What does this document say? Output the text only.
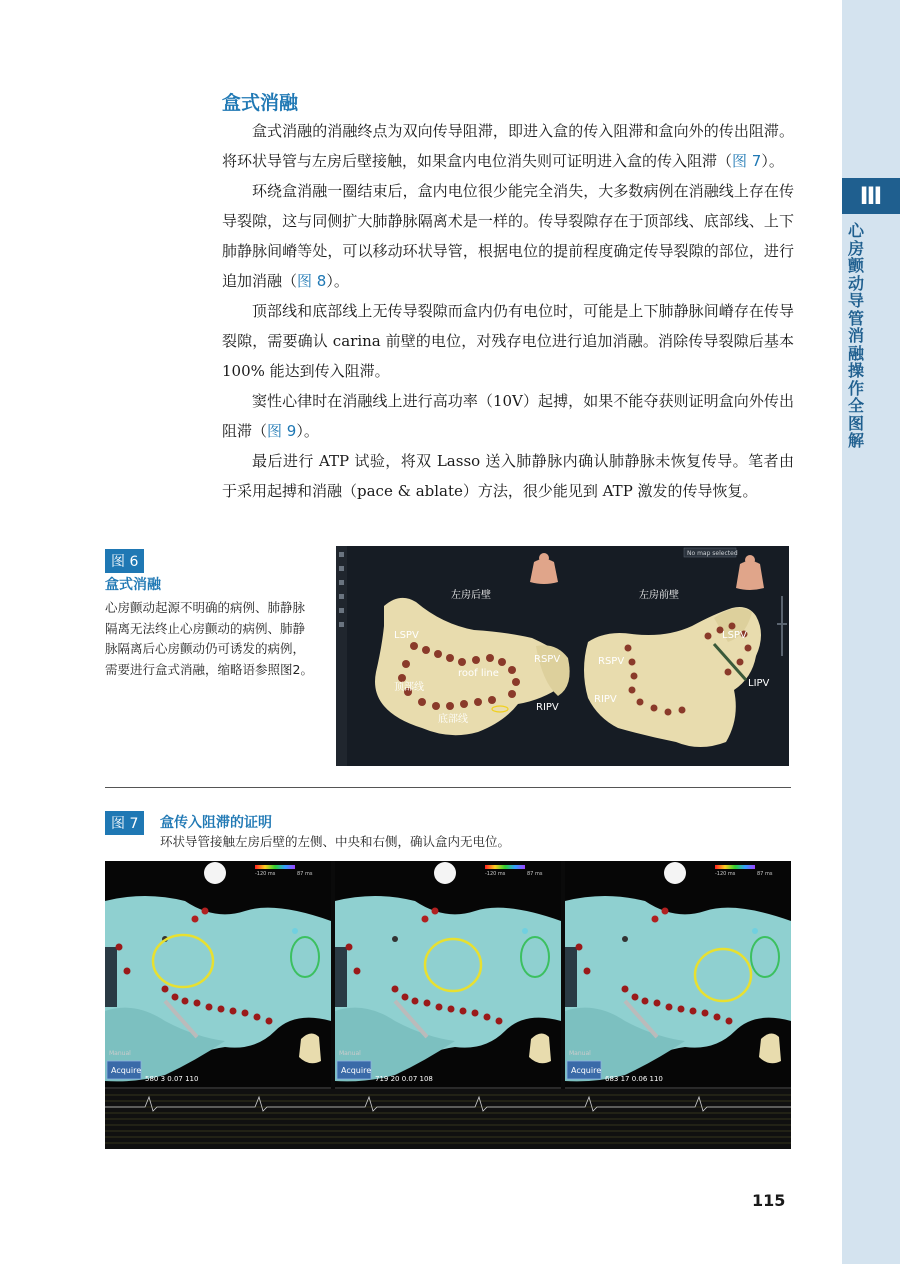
Ⅲ
心房颤动导管消融操作全图解
盒式消融

盒式消融的消融终点为双向传导阻滞，即进入盒的传入阻滞和盒向外的传出阻滞。将环状导管与左房后壁接触，如果盒内电位消失则可证明进入盒的传入阻滞（图 7）。

环绕盒消融一圈结束后，盒内电位很少能完全消失，大多数病例在消融线上存在传导裂隙，这与同侧扩大肺静脉隔离术是一样的。传导裂隙存在于顶部线、底部线、上下肺静脉间嵴等处，可以移动环状导管，根据电位的提前程度确定传导裂隙的部位，进行追加消融（图 8）。

顶部线和底部线上无传导裂隙而盒内仍有电位时，可能是上下肺静脉间嵴存在传导裂隙，需要确认 carina 前壁的电位，对残存电位进行追加消融。消除传导裂隙后基本 100% 能达到传入阻滞。

窦性心律时在消融线上进行高功率（10V）起搏，如果不能夺获则证明盒向外传出阻滞（图 9）。

最后进行 ATP 试验，将双 Lasso 送入肺静脉内确认肺静脉未恢复传导。笔者由于采用起搏和消融（pace & ablate）方法，很少能见到 ATP 激发的传导恢复。

图 6
盒式消融
心房颤动起源不明确的病例、肺静脉隔离无法终止心房颤动的病例、肺静脉隔离后心房颤动仍可诱发的病例，需要进行盒式消融，缩略语参照图2。
No map selected
左房后壁	左房前壁
LSPV
RSPV
RIPV
roof line
顶部线
底部线
LSPV
RSPV
RIPV
LIPV
图 7	盒传入阻滞的证明
环状导管接触左房后壁的左侧、中央和右侧，确认盒内无电位。
Acquire
Manual
580 3 0.07 110
-120 ms	87 ms
Acquire
Manual
719 20 0.07 108
-120 ms	87 ms
Acquire
Manual
683 17 0.06 110
-120 ms	87 ms
115
